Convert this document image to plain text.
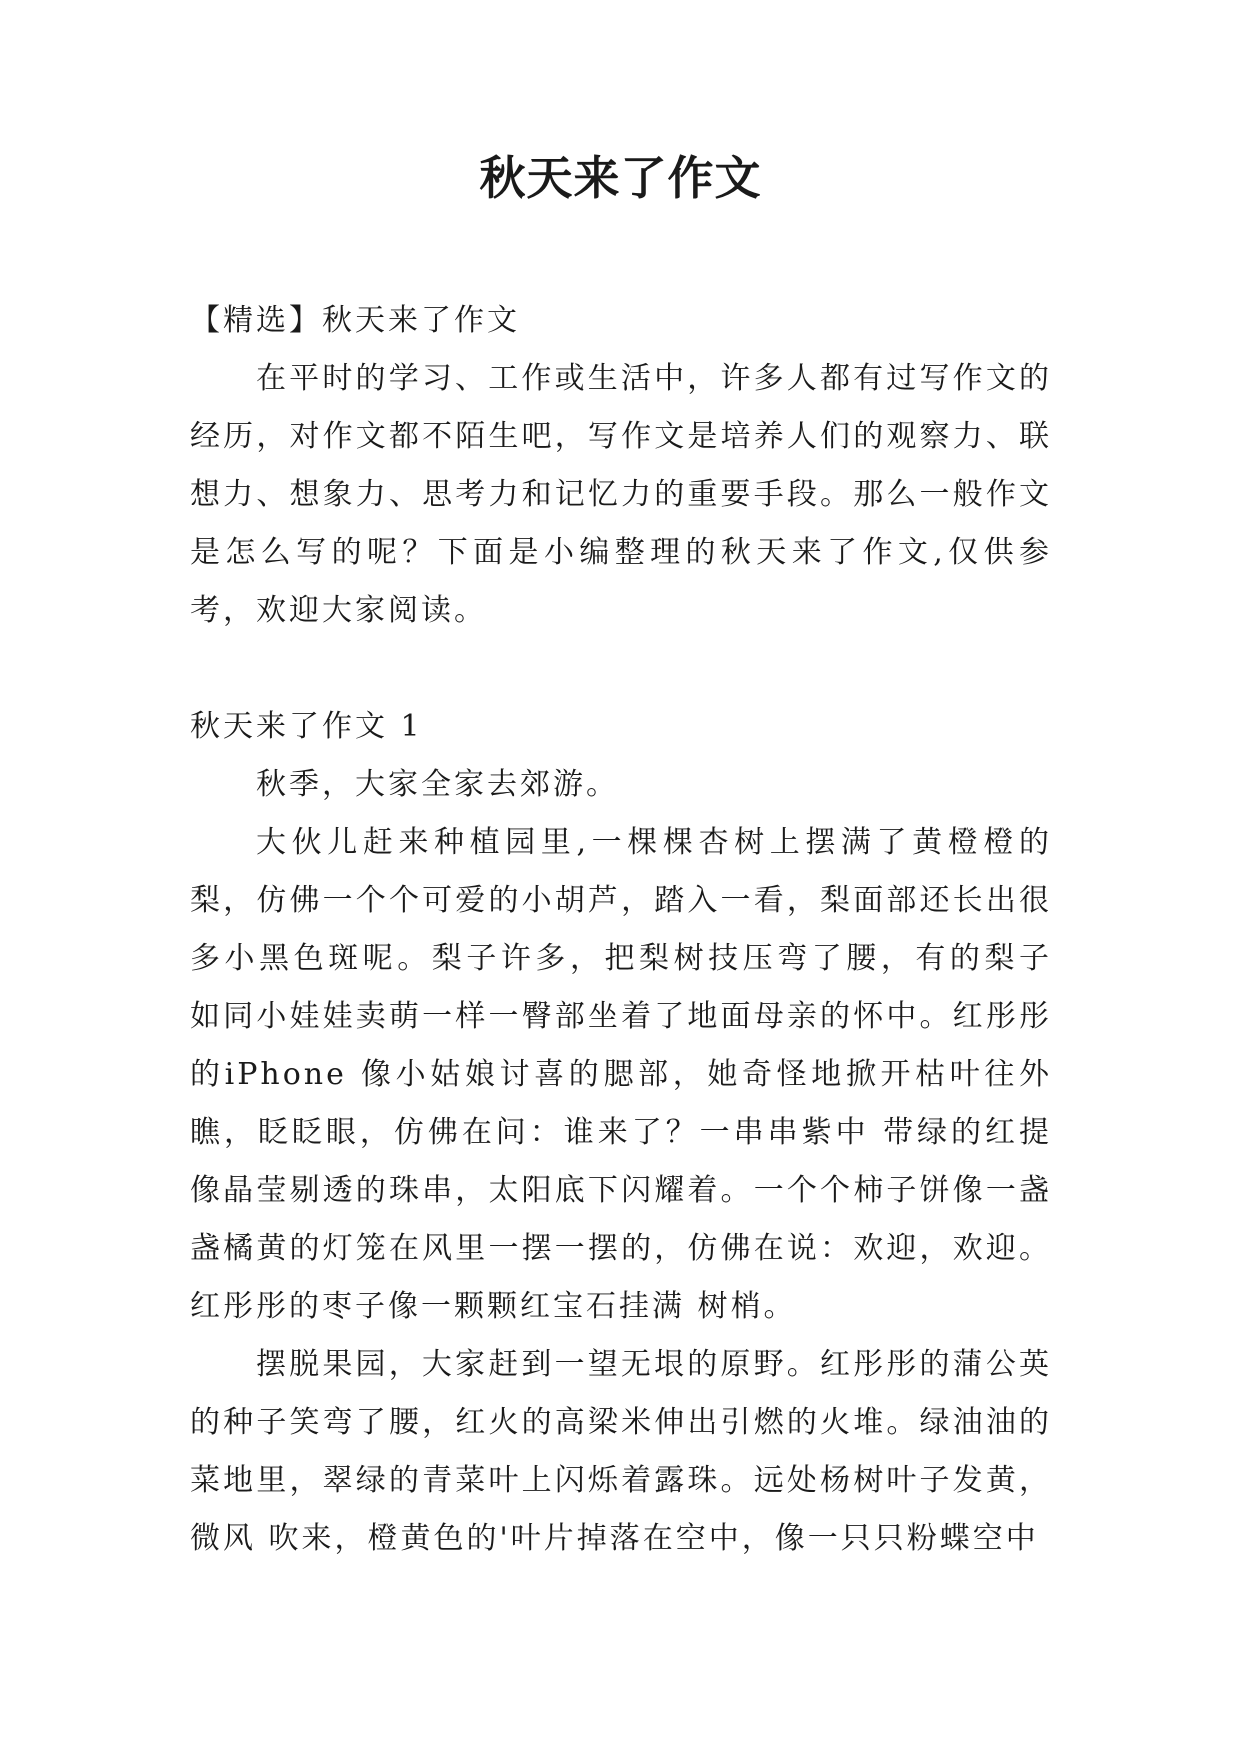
秋天来了作文

【精选】秋天来了作文

在平时的学习、工作或生活中，许多人都有过写作文的经历，对作文都不陌生吧，写作文是培养人们的观察力、联想力、想象力、思考力和记忆力的重要手段。那么一般作文是怎么写的呢？下面是小编整理的秋天来了作文,仅供参考，欢迎大家阅读。

秋天来了作文 1

秋季，大家全家去郊游。

大伙儿赶来种植园里,一棵棵杏树上摆满了黄橙橙的梨，仿佛一个个可爱的小胡芦，踏入一看，梨面部还长出很多小黑色斑呢。梨子许多，把梨树技压弯了腰，有的梨子 如同小娃娃卖萌一样一臀部坐着了地面母亲的怀中。红彤彤的iPhone 像小姑娘讨喜的腮部，她奇怪地掀开枯叶往外瞧，眨眨眼，仿佛在问：谁来了？一串串紫中 带绿的红提像晶莹剔透的珠串，太阳底下闪耀着。一个个柿子饼像一盏盏橘黄的灯笼在风里一摆一摆的，仿佛在说：欢迎，欢迎。红彤彤的枣子像一颗颗红宝石挂满 树梢。

摆脱果园，大家赶到一望无垠的原野。红彤彤的蒲公英的种子笑弯了腰，红火的高梁米伸出引燃的火堆。绿油油的菜地里，翠绿的青菜叶上闪烁着露珠。远处杨树叶子发黄，微风 吹来，橙黄色的'叶片掉落在空中，像一只只粉蝶空中
